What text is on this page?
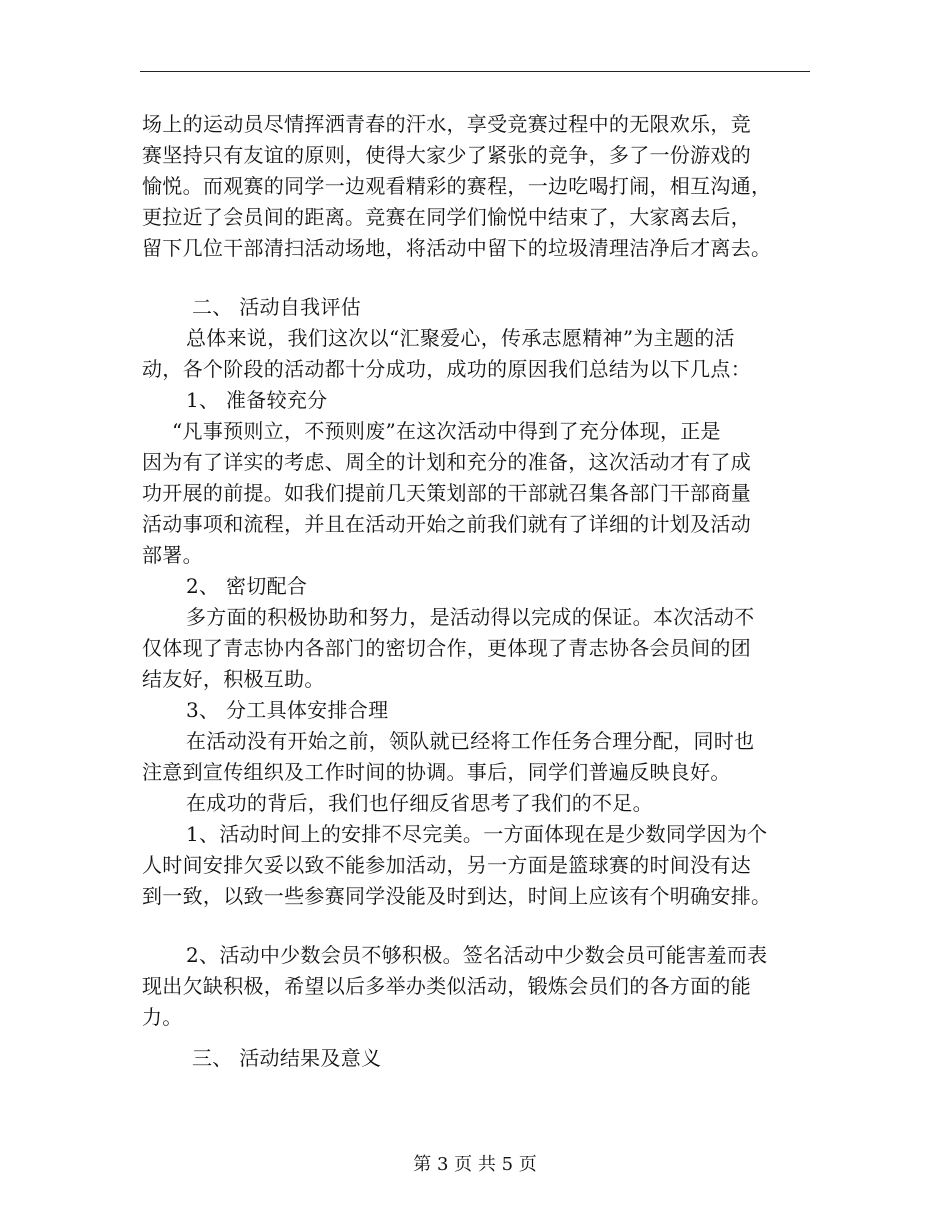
场上的运动员尽情挥洒青春的汗水，享受竞赛过程中的无限欢乐，竞
赛坚持只有友谊的原则，使得大家少了紧张的竞争，多了一份游戏的
愉悦。而观赛的同学一边观看精彩的赛程，一边吃喝打闹，相互沟通，
更拉近了会员间的距离。竞赛在同学们愉悦中结束了，大家离去后，
留下几位干部清扫活动场地，将活动中留下的垃圾清理洁净后才离去。
二、 活动自我评估
总体来说，我们这次以“汇聚爱心，传承志愿精神”为主题的活
动，各个阶段的活动都十分成功，成功的原因我们总结为以下几点：
1、 准备较充分
“凡事预则立，不预则废”在这次活动中得到了充分体现，正是
因为有了详实的考虑、周全的计划和充分的准备，这次活动才有了成
功开展的前提。如我们提前几天策划部的干部就召集各部门干部商量
活动事项和流程，并且在活动开始之前我们就有了详细的计划及活动
部署。
2、 密切配合
多方面的积极协助和努力，是活动得以完成的保证。本次活动不
仅体现了青志协内各部门的密切合作，更体现了青志协各会员间的团
结友好，积极互助。
3、 分工具体安排合理
在活动没有开始之前，领队就已经将工作任务合理分配，同时也
注意到宣传组织及工作时间的协调。事后，同学们普遍反映良好。
在成功的背后，我们也仔细反省思考了我们的不足。
1、活动时间上的安排不尽完美。一方面体现在是少数同学因为个
人时间安排欠妥以致不能参加活动，另一方面是篮球赛的时间没有达
到一致，以致一些参赛同学没能及时到达，时间上应该有个明确安排。
2、活动中少数会员不够积极。签名活动中少数会员可能害羞而表
现出欠缺积极，希望以后多举办类似活动，锻炼会员们的各方面的能
力。
三、 活动结果及意义
第 3 页 共 5 页
